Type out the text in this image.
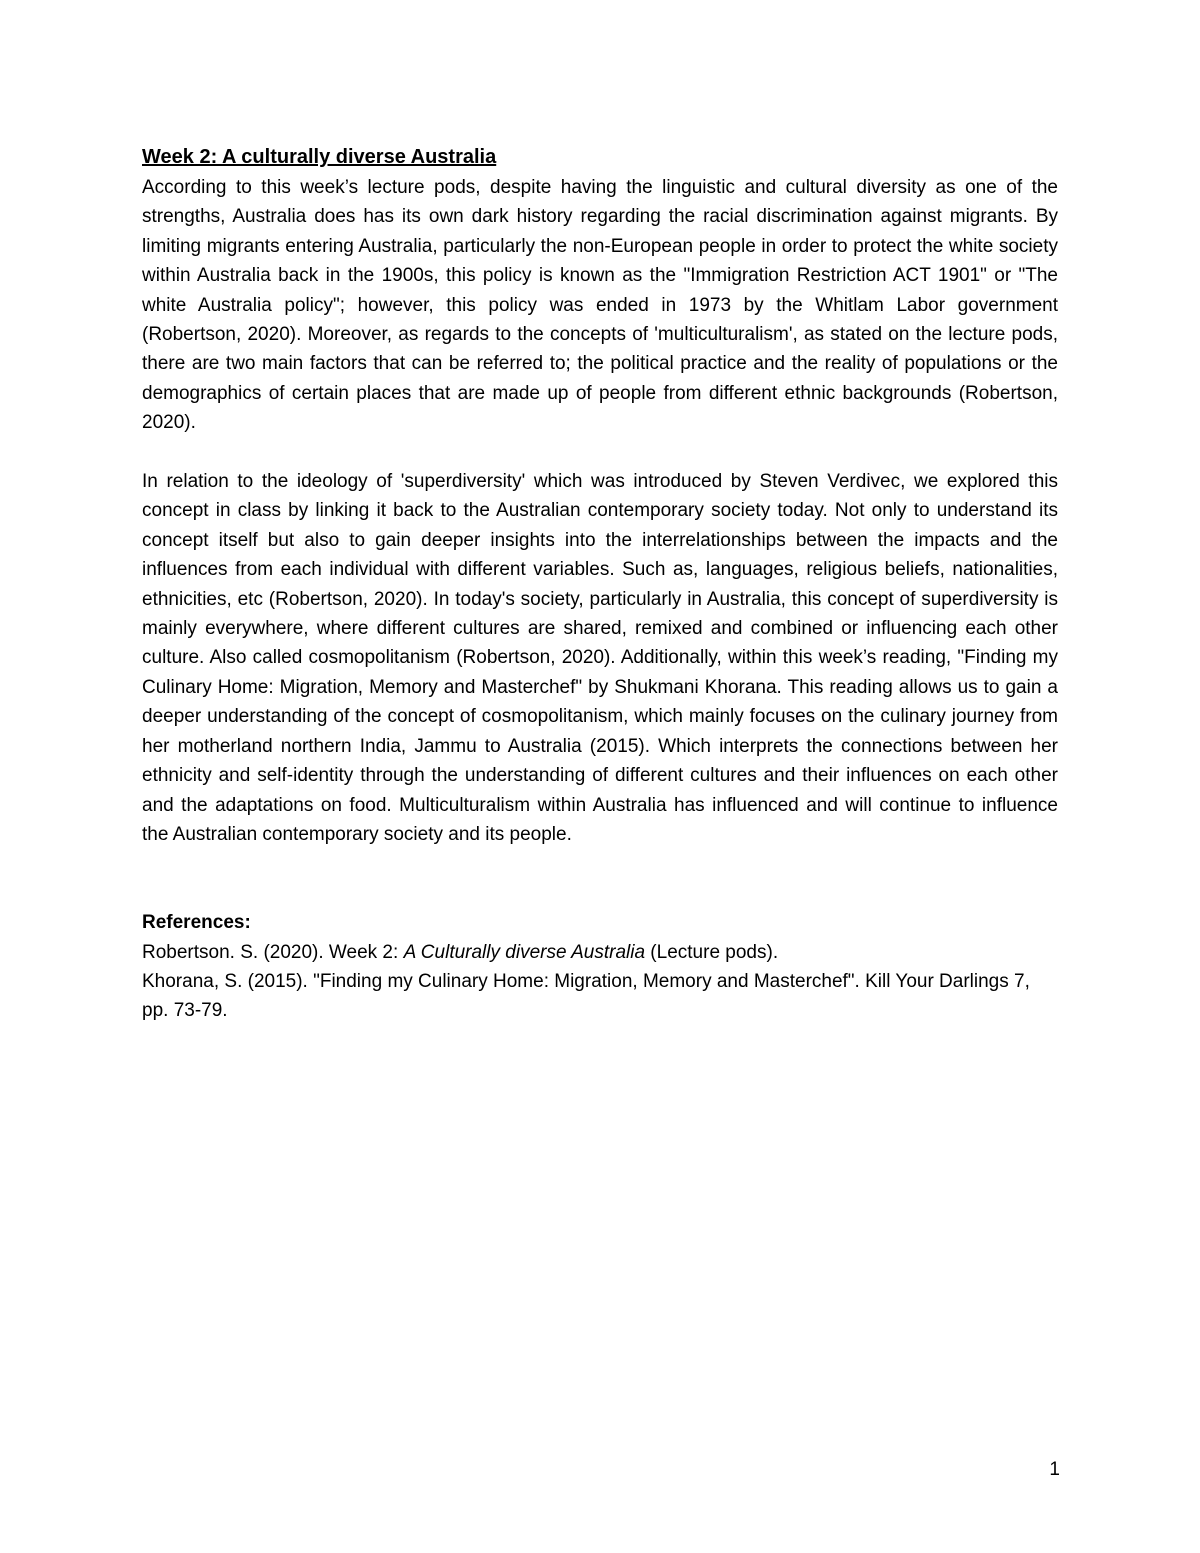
Week 2: A culturally diverse Australia

According to this week’s lecture pods, despite having the linguistic and cultural diversity as one of the strengths, Australia does has its own dark history regarding the racial discrimination against migrants. By limiting migrants entering Australia, particularly the non-European people in order to protect the white society within Australia back in the 1900s, this policy is known as the "Immigration Restriction ACT 1901" or "The white Australia policy"; however, this policy was ended in 1973 by the Whitlam Labor government (Robertson, 2020). Moreover, as regards to the concepts of 'multiculturalism', as stated on the lecture pods, there are two main factors that can be referred to; the political practice and the reality of populations or the demographics of certain places that are made up of people from different ethnic backgrounds (Robertson, 2020).

In relation to the ideology of 'superdiversity' which was introduced by Steven Verdivec, we explored this concept in class by linking it back to the Australian contemporary society today. Not only to understand its concept itself but also to gain deeper insights into the interrelationships between the impacts and the influences from each individual with different variables. Such as, languages, religious beliefs, nationalities, ethnicities, etc (Robertson, 2020). In today's society, particularly in Australia, this concept of superdiversity is mainly everywhere, where different cultures are shared, remixed and combined or influencing each other culture. Also called cosmopolitanism (Robertson, 2020). Additionally, within this week’s reading, "Finding my Culinary Home: Migration, Memory and Masterchef" by Shukmani Khorana. This reading allows us to gain a deeper understanding of the concept of cosmopolitanism, which mainly focuses on the culinary journey from her motherland northern India, Jammu to Australia (2015). Which interprets the connections between her ethnicity and self-identity through the understanding of different cultures and their influences on each other and the adaptations on food. Multiculturalism within Australia has influenced and will continue to influence the Australian contemporary society and its people.

References:

Robertson. S. (2020). Week 2: A Culturally diverse Australia (Lecture pods).

Khorana, S. (2015). "Finding my Culinary Home: Migration, Memory and Masterchef". Kill Your Darlings 7, pp. 73-79.

1
